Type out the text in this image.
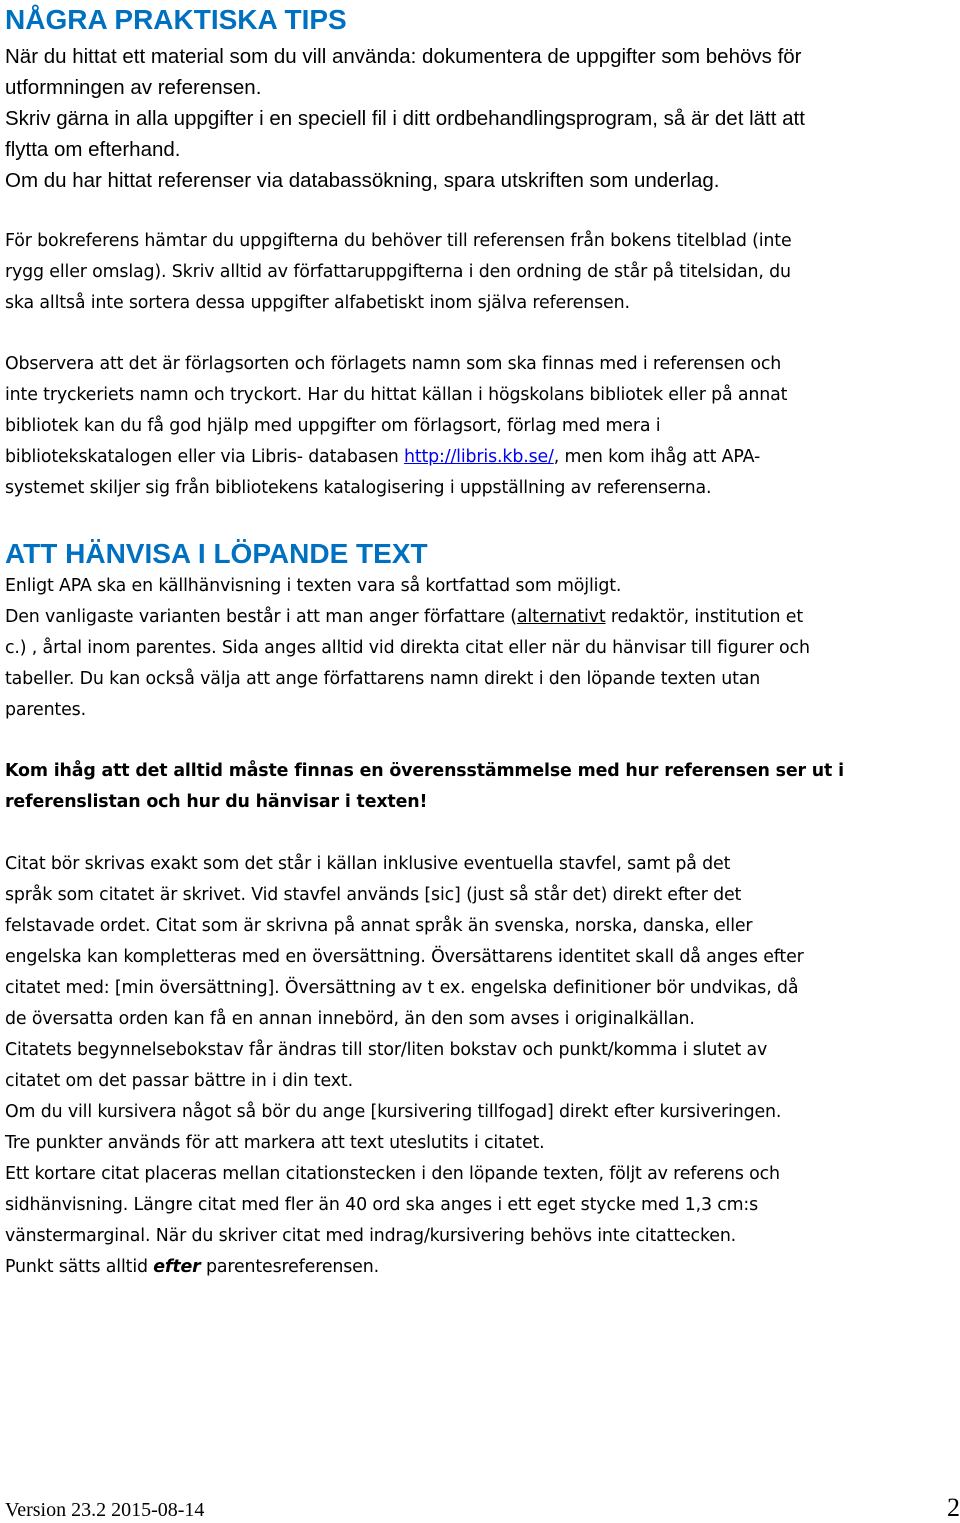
NÅGRA PRAKTISKA TIPS
När du hittat ett material som du vill använda: dokumentera de uppgifter som behövs för
utformningen av referensen.
Skriv gärna in alla uppgifter i en speciell fil i ditt ordbehandlingsprogram, så är det lätt att
flytta om efterhand.
Om du har hittat referenser via databassökning, spara utskriften som underlag.
För bokreferens hämtar du uppgifterna du behöver till referensen från bokens titelblad (inte
rygg eller omslag). Skriv alltid av författaruppgifterna i den ordning de står på titelsidan, du
ska alltså inte sortera dessa uppgifter alfabetiskt inom själva referensen.
Observera att det är förlagsorten och förlagets namn som ska finnas med i referensen och
inte tryckeriets namn och tryckort. Har du hittat källan i högskolans bibliotek eller på annat
bibliotek kan du få god hjälp med uppgifter om förlagsort, förlag med mera i
bibliotekskatalogen eller via Libris- databasen http://libris.kb.se/, men kom ihåg att APA-
systemet skiljer sig från bibliotekens katalogisering i uppställning av referenserna.
ATT HÄNVISA I LÖPANDE TEXT
Enligt APA ska en källhänvisning i texten vara så kortfattad som möjligt.
Den vanligaste varianten består i att man anger författare (alternativt redaktör, institution et
c.) , årtal inom parentes. Sida anges alltid vid direkta citat eller när du hänvisar till figurer och
tabeller. Du kan också välja att ange författarens namn direkt i den löpande texten utan
parentes.
Kom ihåg att det alltid måste finnas en överensstämmelse med hur referensen ser ut i
referenslistan och hur du hänvisar i texten!
Citat bör skrivas exakt som det står i källan inklusive eventuella stavfel, samt på det
språk som citatet är skrivet. Vid stavfel används [sic] (just så står det) direkt efter det
felstavade ordet. Citat som är skrivna på annat språk än svenska, norska, danska, eller
engelska kan kompletteras med en översättning. Översättarens identitet skall då anges efter
citatet med: [min översättning]. Översättning av t ex. engelska definitioner bör undvikas, då
de översatta orden kan få en annan innebörd, än den som avses i originalkällan.
Citatets begynnelsebokstav får ändras till stor/liten bokstav och punkt/komma i slutet av
citatet om det passar bättre in i din text.
Om du vill kursivera något så bör du ange [kursivering tillfogad] direkt efter kursiveringen.
Tre punkter används för att markera att text uteslutits i citatet.
Ett kortare citat placeras mellan citationstecken i den löpande texten, följt av referens och
sidhänvisning. Längre citat med fler än 40 ord ska anges i ett eget stycke med 1,3 cm:s
vänstermarginal. När du skriver citat med indrag/kursivering behövs inte citattecken.
Punkt sätts alltid efter parentesreferensen.
Version 23.2 2015-08-14	2
